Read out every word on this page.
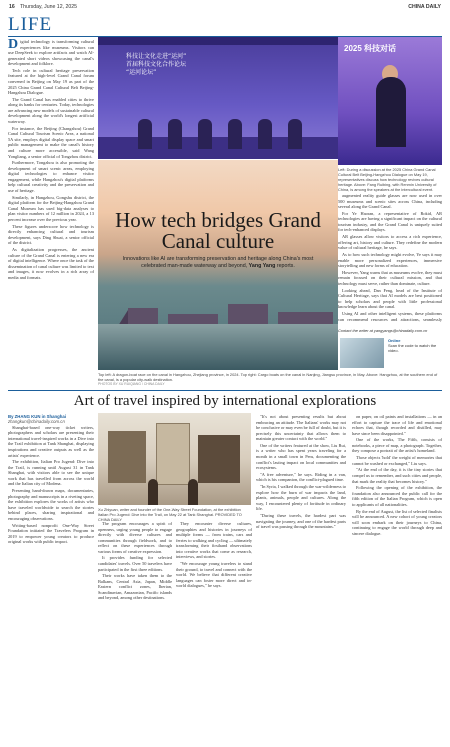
16 Thursday, June 12, 2025	CHINA DAILY
LIFE
D igital technology is transforming cultural experiences like museums. Visitors can use DeepSeek to explore artifacts and watch AI-generated short videos showcasing the canal's development and folklore.

Tech role in cultural heritage preservation featured at the high-level Grand Canal forum convened in Beijing on May 19 as part of the 2025 China Grand Canal Cultural Belt Beijing-Hangzhou Dialogue.

The Grand Canal has enabled cities to thrive along its banks for centuries. Today, technologies are advancing new models of sustainable cultural development along the world's longest artificial waterway.

For instance, the Beijing (Changzhou) Grand Canal Cultural Tourism Scenic Area, a national 5A site, employs digital display space and smart public management to make the canal's history and culture more accessible, said Wang Yongliang, a senior official of Tongzhou district.

Furthermore, Tongzhou is also promoting the development of smart scenic areas, employing digital technologies to enhance visitor engagement, while Hangzhou's digital platforms help cultural creativity and the preservation and use of heritage.

Similarly, in Hangzhou, Gongshu district, the digital platform for the Beijing-Hangzhou Grand Canal Museum has used big-data analyses to plan visitor numbers of 12 million in 2024, a 13 percent increase over the previous year.

These figures underscore how technology is directly enhancing cultural and tourism development, says Ding Shuai, a senior official of the district.

As digitalization progresses, the ancient culture of the Grand Canal is entering a new era of digital intelligence. Where once the task of the dissemination of canal culture was limited to text and images, it now evolves in a rich array of media and formats.

科技让文化走进“运河”
首届科技文化合作论坛
“运河论坛”
2025 科技对话
Left: During a discussion at the 2025 China Grand Canal Cultural Belt Beijing-Hangzhou Dialogue on May 19, representatives discuss how technology revives cultural heritage. Above: Fang Ruibing, with Renmin University of China, is among the speakers at the intercultural event.
How tech bridges Grand Canal culture
Innovations like AI are transforming preservation and heritage along China's most celebrated man-made waterway and beyond, Yang Yang reports.
Top left: A dragon-boat race on the canal in Hangzhou, Zhejiang province, in 2024. Top right: Cargo boats on the canal in Nanjing, Jiangsu province, in May. Above: Hangzhou, at the southern end of the canal, is a popular city-walk destination.
PHOTOS BY XU RUIQIANG / CHINA DAILY

augmented reality guide glasses are now used in over 500 museums and scenic sites across China, including several along the Grand Canal.

For Ye Haoran, a representative of Rokid, AR technologies are having a significant impact on the cultural tourism industry, and the Grand Canal is uniquely suited for tech-enhanced displays.

AR glasses allow visitors to access a rich experience, offering art, history and culture. They redefine the modern value of cultural heritage, he says.

As to how such technology might evolve, Ye says it may enable more personalized experiences, immersive storytelling and new forms of education.

However, Yang warns that as museums evolve, they must remain focused on their cultural mission, and that technology must serve, rather than dominate, culture.

Looking ahead, Dan Feng, head of the Institute of Cultural Heritage, says that AI models are best positioned to help scholars and people with little professional knowledge learn about the canal.

Using AI and other intelligent systems, these platforms can recommend resources and attractions, seamlessly

Contact the writer at yangyangs@chinadaily.com.cn
Online
Scan the code to watch the video.
Art of travel inspired by international explorations
By ZHANG KUN in Shanghai
zhangkun@chinadaily.com.cn

Shanghai-based one-way ticket writers, photographers and scholars are presenting their international travel-inspired works in a Dive into the Trail exhibition at Tank Shanghai, displaying inspirations and creative outputs as well as the artists' experience.

The exhibition, Italian Pro Jugend: Dive into the Trail, is running until August 31 in Tank Shanghai, with visitors able to see the unique work that has travelled from across the world and the Italian city of Modena.

Presenting hand-drawn maps, documentaries, photography and manuscripts in a riveting space, the exhibition explores the works of artists who have traveled worldwide to search the stories behind places, sharing inspirational and encouraging observations.

Writing-based nonprofit One-Way Street Foundation initiated the Travelers Program in 2019 to empower young creators to produce original works with public impact.

Xu Zhiyuan, writer and founder of the One-Way Street Foundation, at the exhibition Italian Pro Jugend: Dive into the Trail, on May 22 at Tank Shanghai. PROVIDED TO CHINA DAILY

The program encourages a spirit of openness, urging young people to engage directly with diverse cultures and communities through fieldwork, and to reflect on these experiences through various forms of creative expression.

It provides funding for selected candidates' travels. Over 50 travelers have participated in the first three editions.

Their works have taken them to the Balkans, Central Asia, Japan, Middle Eastern conflict zones, Iberian, Scandinavian, Amazonian, Pacific islands and beyond, among other destinations.

They encounter diverse cultures, geographies and histories in journeys of multiple forms — from trains, cars and ferries to walking and cycling — ultimately transforming their firsthand observations into creative works that come as research, interviews, and stories.

"We encourage young travelers to stand their ground, to travel and connect with the world. We believe that different creative languages can foster more direct and in-world dialogues," he says.

"It's not about presenting results but about embracing an attitude. The Italians' works may not be conclusive or may even be full of doubt, but it is precisely this uncertainty that allows them to maintain greater contact with the world."

One of the writers featured at the show, Liu Rui, is a writer who has spent years traveling for a month in a small town in Peru, documenting the conflict's lasting impact on local communities and ecosystems.

"A free adventure," he says. Riding in a van, which is his companion, the conflict-plagued time.

"In Syria, I walked through the war-wilderness to explore how the burn of war impacts the land, plants, animals, people and cultures. Along the way, I encountered plenty of fortitude in ordinary life.

"During these travels, the hardest part was navigating the journey, and one of the hardest parts of travel was passing through the mountains."

on paper, on oil paints and installations — in an effort to capture the trace of life and emotional echoes that, though recorded and distilled, may have since been disappointed."

One of the works, The Fifth, consists of notebooks, a piece of map, a photograph. Together, they compose a portrait of the artist's homeland.

Those objects 'hold' the weight of memories that cannot be washed or exchanged," Liu says.

"At the end of the day, it is the tiny stories that compel us to remember, and such cities and people, that mark the reality that becomes history."

Following the opening of the exhibition, the foundation also announced the public call for the fifth edition of the Italian Program, which is open to applicants of all nationalities.

By the end of August, the list of selected finalists will be announced. A new cohort of young creators will soon embark on their journeys to China, continuing to engage the world through deep and sincere dialogue.
